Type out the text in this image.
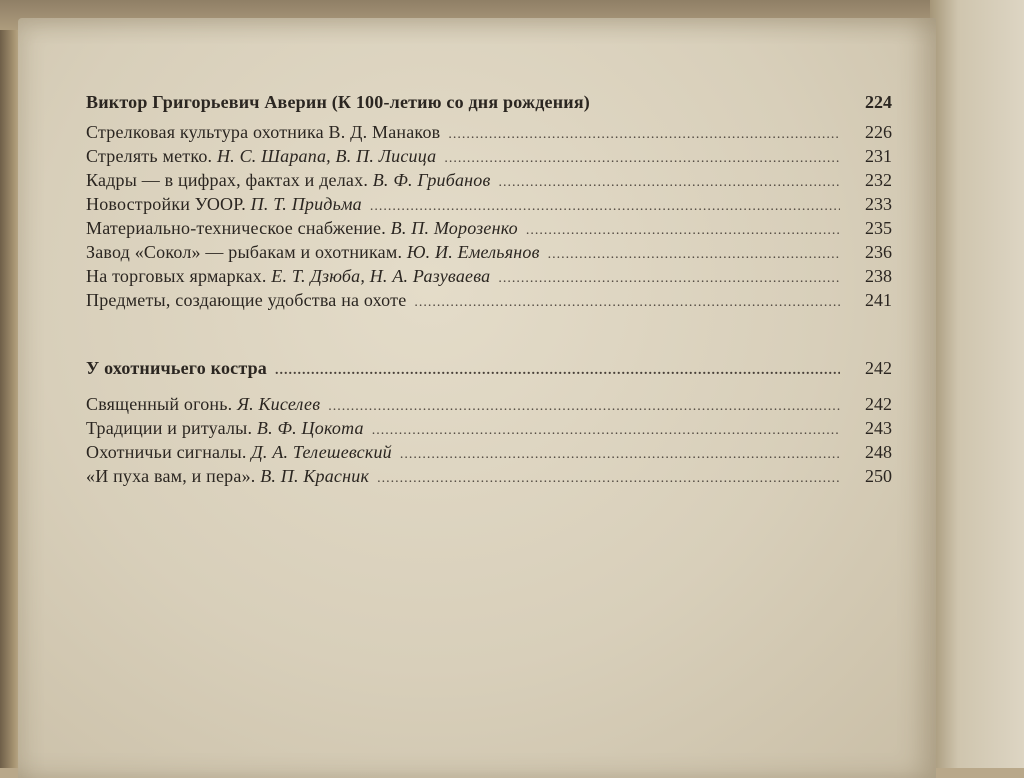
Виктор Григорьевич Аверин (К 100-летию со дня рождения)	224
Стрелковая культура охотника В. Д. Манаков .....	226
Стрелять метко. Н. С. Шарапа, В. П. Лисица .....	231
Кадры — в цифрах, фактах и делах. В. Ф. Грибанов .....	232
Новостройки УООР. П. Т. Придьма .....	233
Материально-техническое снабжение. В. П. Морозенко .....	235
Завод «Сокол» — рыбакам и охотникам. Ю. И. Емельянов .....	236
На торговых ярмарках. Е. Т. Дзюба, Н. А. Разуваева .....	238
Предметы, создающие удобства на охоте .....	241
У охотничьего костра .....	242
Священный огонь. Я. Киселев .....	242
Традиции и ритуалы. В. Ф. Цокота .....	243
Охотничьи сигналы. Д. А. Телешевский .....	248
«И пуха вам, и пера». В. П. Красник .....	250
